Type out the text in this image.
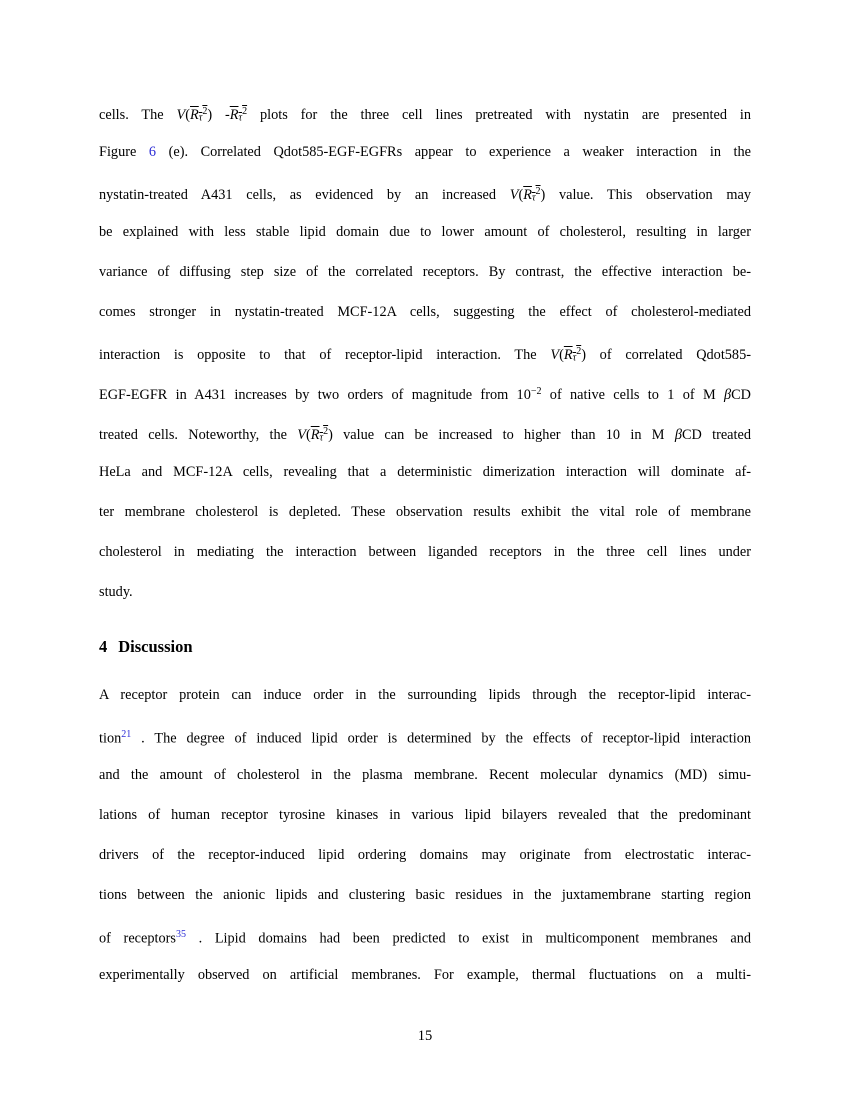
cells. The $V(R\tau^2)$ $-R\tau^2$ plots for the three cell lines pretreated with nystatin are presented in
Figure 6 (e). Correlated Qdot585-EGF-EGFRs appear to experience a weaker interaction in the
nystatin-treated A431 cells, as evidenced by an increased $V(R\tau^2)$ value. This observation may
be explained with less stable lipid domain due to lower amount of cholesterol, resulting in larger
variance of diffusing step size of the correlated receptors. By contrast, the effective interaction be-
comes stronger in nystatin-treated MCF-12A cells, suggesting the effect of cholesterol-mediated
interaction is opposite to that of receptor-lipid interaction. The $V(R\tau^2)$ of correlated Qdot585-
EGF-EGFR in A431 increases by two orders of magnitude from $10^{-2}$ of native cells to 1 of M βCD
treated cells. Noteworthy, the $V(R\tau^2)$ value can be increased to higher than 10 in M βCD treated
HeLa and MCF-12A cells, revealing that a deterministic dimerization interaction will dominate af-
ter membrane cholesterol is depleted. These observation results exhibit the vital role of membrane
cholesterol in mediating the interaction between liganded receptors in the three cell lines under
study.
4 Discussion
A receptor protein can induce order in the surrounding lipids through the receptor-lipid interac-
tion$^{21}$ . The degree of induced lipid order is determined by the effects of receptor-lipid interaction
and the amount of cholesterol in the plasma membrane. Recent molecular dynamics (MD) simu-
lations of human receptor tyrosine kinases in various lipid bilayers revealed that the predominant
drivers of the receptor-induced lipid ordering domains may originate from electrostatic interac-
tions between the anionic lipids and clustering basic residues in the juxtamembrane starting region
of receptors$^{35}$ . Lipid domains had been predicted to exist in multicomponent membranes and
experimentally observed on artificial membranes. For example, thermal fluctuations on a multi-
15
